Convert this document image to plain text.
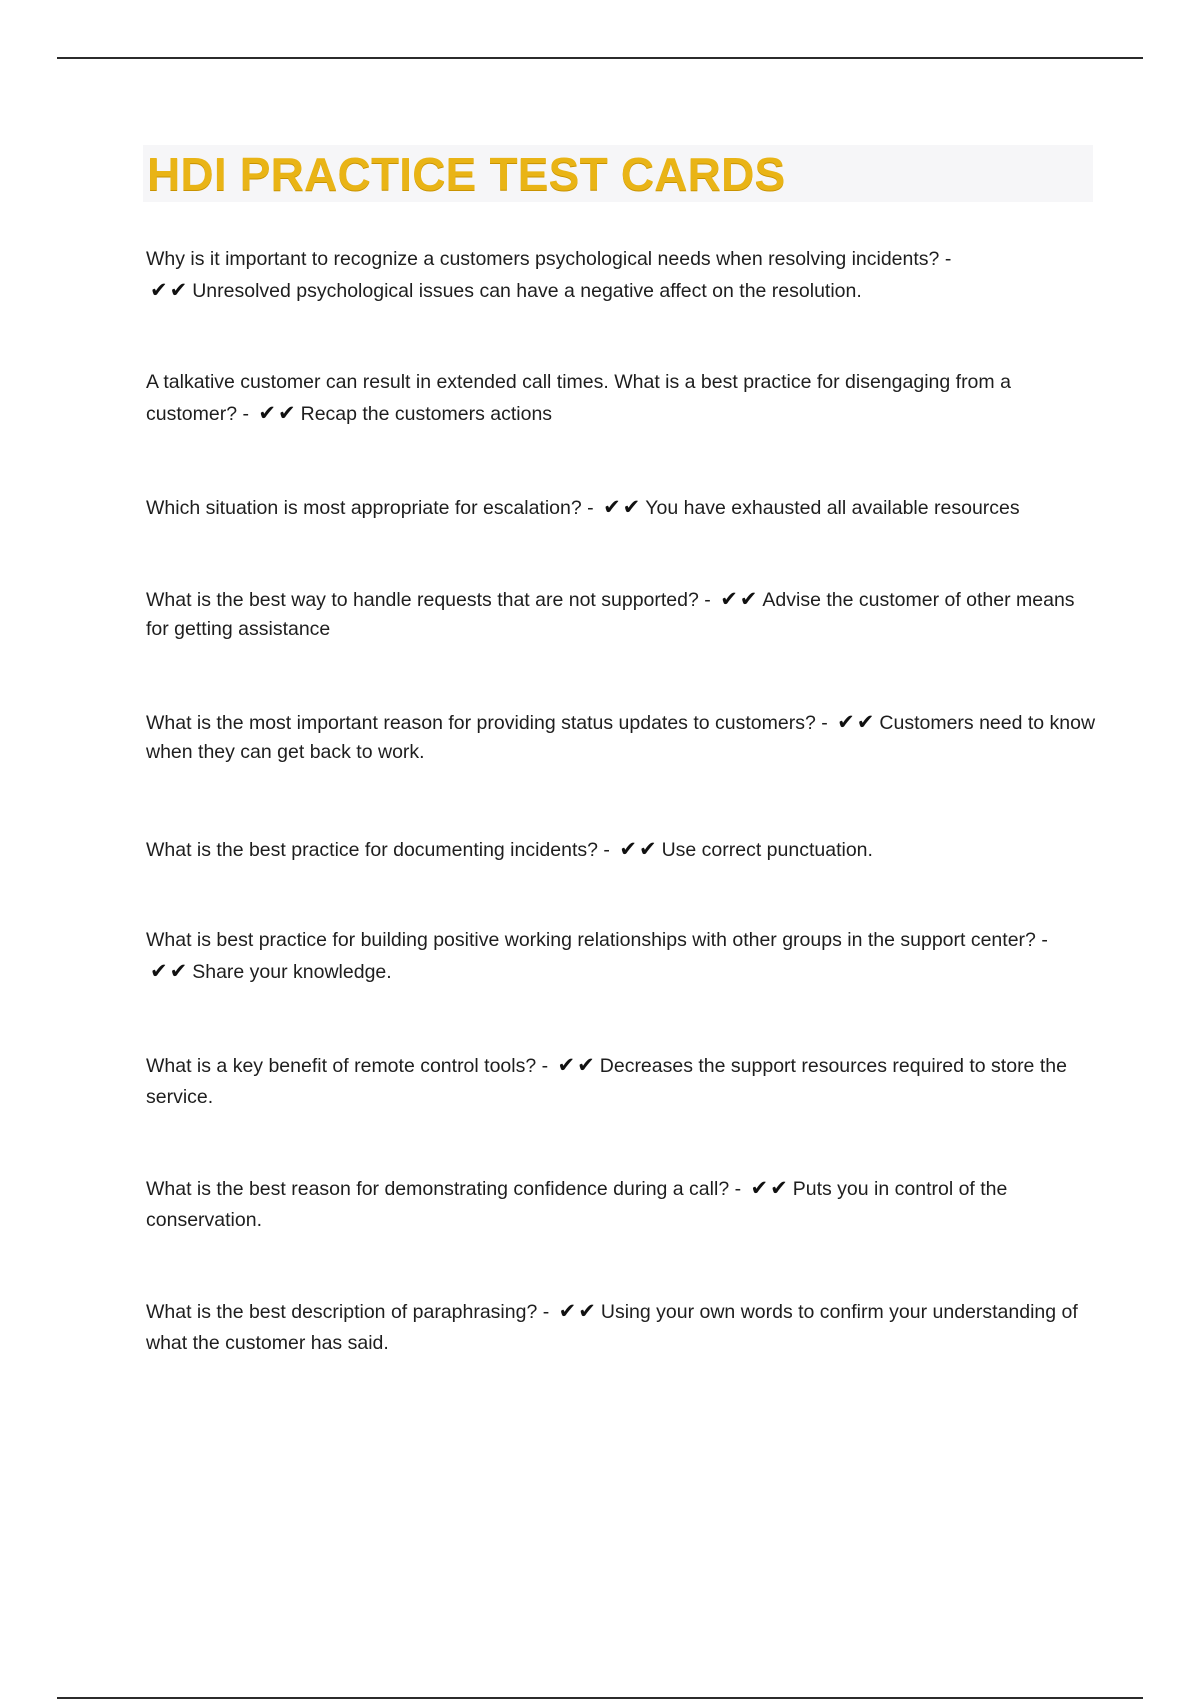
HDI PRACTICE TEST CARDS

Why is it important to recognize a customers psychological needs when resolving incidents? -
✔✔ Unresolved psychological issues can have a negative affect on the resolution.

A talkative customer can result in extended call times. What is a best practice for disengaging from a customer? - ✔✔ Recap the customers actions

Which situation is most appropriate for escalation? - ✔✔ You have exhausted all available resources

What is the best way to handle requests that are not supported? - ✔✔ Advise the customer of other means for getting assistance

What is the most important reason for providing status updates to customers? - ✔✔ Customers need to know when they can get back to work.

What is the best practice for documenting incidents? - ✔✔ Use correct punctuation.

What is best practice for building positive working relationships with other groups in the support center? - ✔✔ Share your knowledge.

What is a key benefit of remote control tools? - ✔✔ Decreases the support resources required to store the service.

What is the best reason for demonstrating confidence during a call? - ✔✔ Puts you in control of the conservation.

What is the best description of paraphrasing? - ✔✔ Using your own words to confirm your understanding of what the customer has said.
